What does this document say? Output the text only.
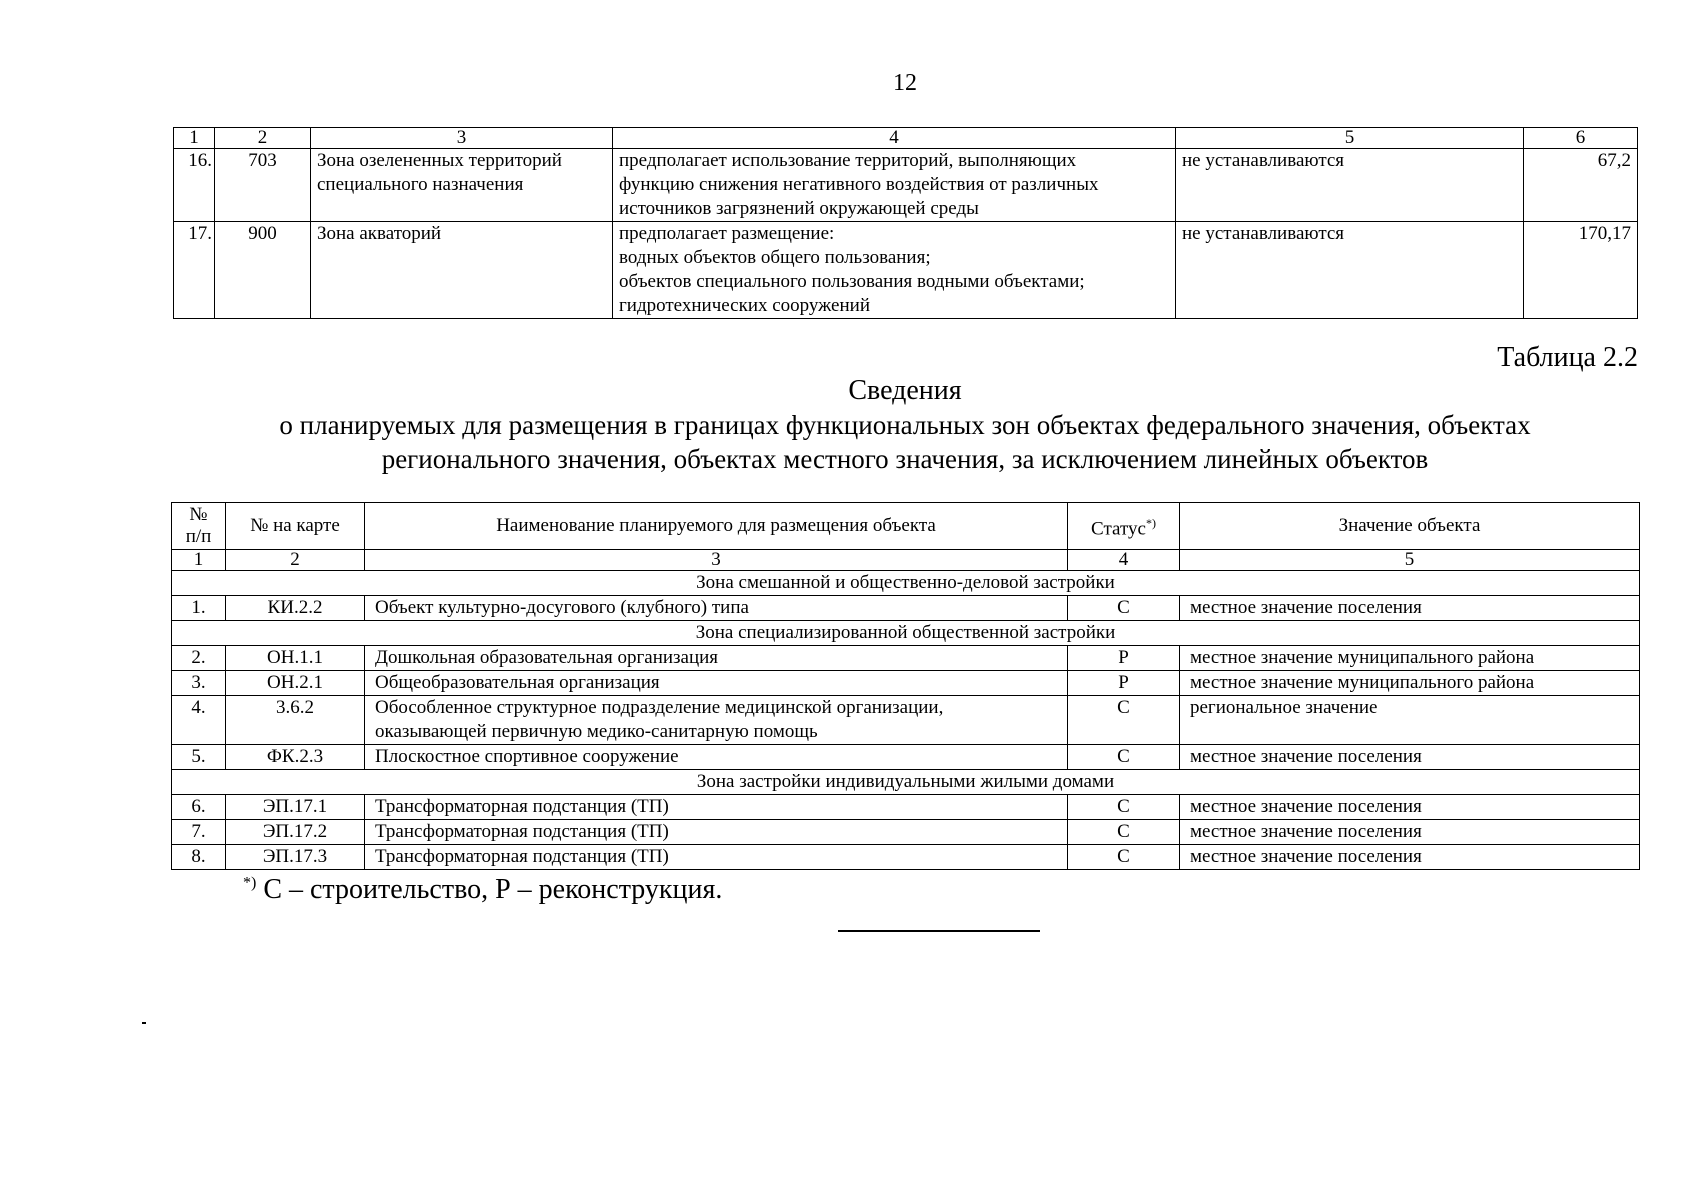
12
1	2	3	4	5	6
16.	703	Зона озелененных территорий специального назначения	предполагает использование территорий, выполняющих
функцию снижения негативного воздействия от различных
источников загрязнений окружающей среды	не устанавливаются	67,2
17.	900	Зона акваторий	предполагает размещение:
водных объектов общего пользования;
объектов специального пользования водными объектами;
гидротехнических сооружений	не устанавливаются	170,17
Таблица 2.2
Сведения
о планируемых для размещения в границах функциональных зон объектах федерального значения, объектах
регионального значения, объектах местного значения, за исключением линейных объектов
№
п/п	№ на карте	Наименование планируемого для размещения объекта	Статус*)	Значение объекта
1	2	3	4	5
Зона смешанной и общественно-деловой застройки				
1.	КИ.2.2	Объект культурно-досугового (клубного) типа	С	местное значение поселения
Зона специализированной общественной застройки				
2.	ОН.1.1	Дошкольная образовательная организация	Р	местное значение муниципального района
3.	ОН.2.1	Общеобразовательная организация	Р	местное значение муниципального района
4.	3.6.2	Обособленное структурное подразделение медицинской организации,
оказывающей первичную медико-санитарную помощь	С	региональное значение
5.	ФК.2.3	Плоскостное спортивное сооружение	С	местное значение поселения
Зона застройки индивидуальными жилыми домами				
6.	ЭП.17.1	Трансформаторная подстанция (ТП)	С	местное значение поселения
7.	ЭП.17.2	Трансформаторная подстанция (ТП)	С	местное значение поселения
8.	ЭП.17.3	Трансформаторная подстанция (ТП)	С	местное значение поселения
*) С – строительство, Р – реконструкция.
